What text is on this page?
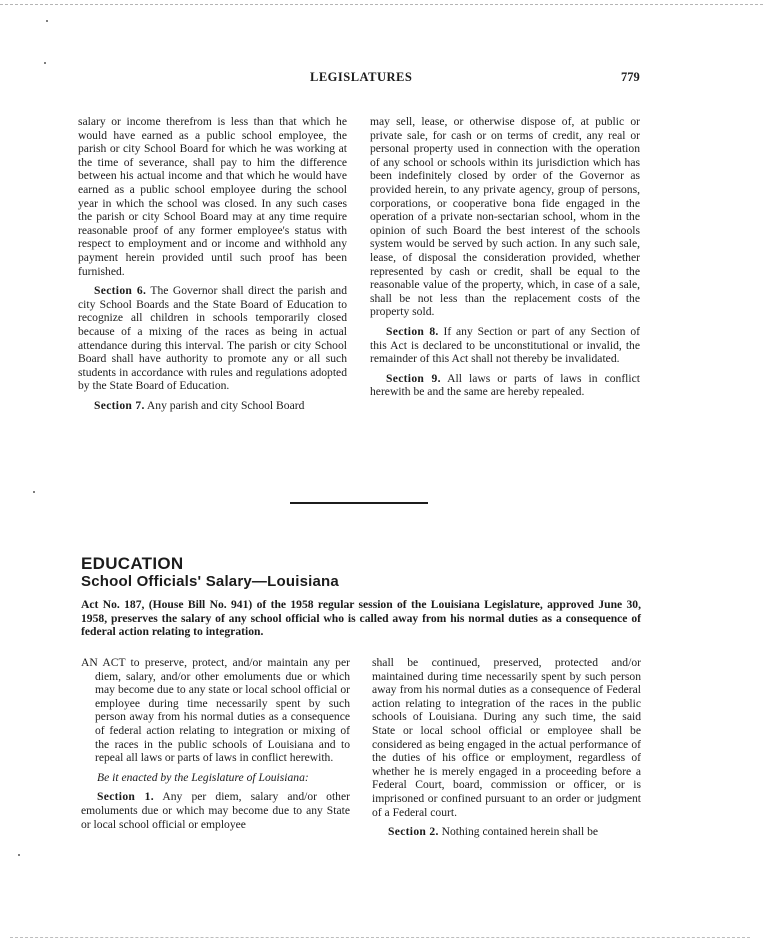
LEGISLATURES	779

salary or income therefrom is less than that which he would have earned as a public school employee, the parish or city School Board for which he was working at the time of severance, shall pay to him the difference between his actual income and that which he would have earned as a public school employee during the school year in which the school was closed. In any such cases the parish or city School Board may at any time require reasonable proof of any former employee's status with respect to employment and or income and withhold any payment herein provided until such proof has been furnished.

Section 6. The Governor shall direct the parish and city School Boards and the State Board of Education to recognize all children in schools temporarily closed because of a mixing of the races as being in actual attendance during this interval. The parish or city School Board shall have authority to promote any or all such students in accordance with rules and regulations adopted by the State Board of Education.

Section 7. Any parish and city School Board

may sell, lease, or otherwise dispose of, at public or private sale, for cash or on terms of credit, any real or personal property used in connection with the operation of any school or schools within its jurisdiction which has been indefinitely closed by order of the Governor as provided herein, to any private agency, group of persons, corporations, or cooperative bona fide engaged in the operation of a private non-sectarian school, whom in the opinion of such Board the best interest of the schools system would be served by such action. In any such sale, lease, of disposal the consideration provided, whether represented by cash or credit, shall be equal to the reasonable value of the property, which, in case of a sale, shall be not less than the replacement costs of the property sold.

Section 8. If any Section or part of any Section of this Act is declared to be unconstitutional or invalid, the remainder of this Act shall not thereby be invalidated.

Section 9. All laws or parts of laws in conflict herewith be and the same are hereby repealed.

EDUCATION
School Officials' Salary—Louisiana
Act No. 187, (House Bill No. 941) of the 1958 regular session of the Louisiana Legislature, approved June 30, 1958, preserves the salary of any school official who is called away from his normal duties as a consequence of federal action relating to integration.

AN ACT to preserve, protect, and/or maintain any per diem, salary, and/or other emoluments due or which may become due to any state or local school official or employee during time necessarily spent by such person away from his normal duties as a consequence of federal action relating to integration or mixing of the races in the public schools of Louisiana and to repeal all laws or parts of laws in conflict herewith.

Be it enacted by the Legislature of Louisiana:

Section 1. Any per diem, salary and/or other emoluments due or which may become due to any State or local school official or employee

shall be continued, preserved, protected and/or maintained during time necessarily spent by such person away from his normal duties as a consequence of Federal action relating to integration of the races in the public schools of Louisiana. During any such time, the said State or local school official or employee shall be considered as being engaged in the actual performance of the duties of his office or employment, regardless of whether he is merely engaged in a proceeding before a Federal Court, board, commission or officer, or is imprisoned or confined pursuant to an order or judgment of a Federal court.

Section 2. Nothing contained herein shall be
